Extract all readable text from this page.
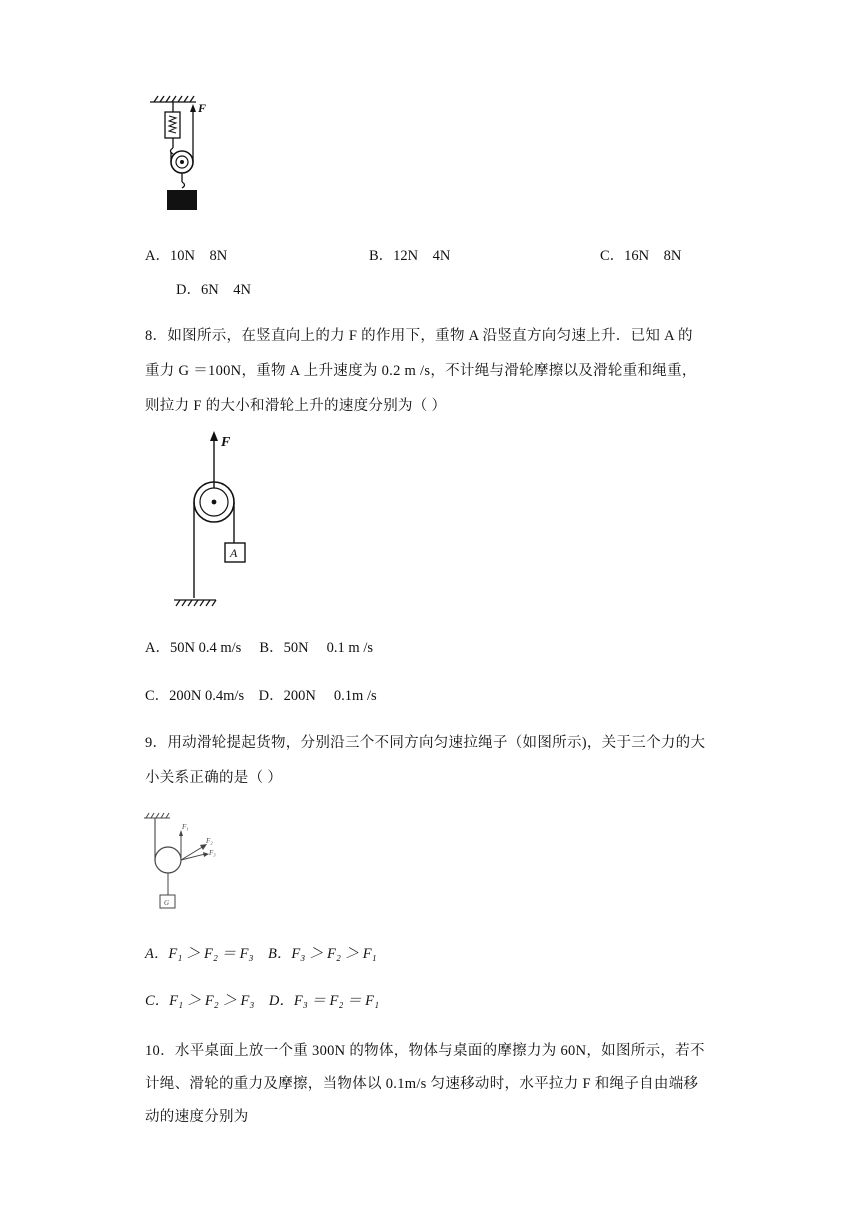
F
A．10N　8N	B．12N　4N	C．16N　8N
D．6N　4N
8．如图所示，在竖直向上的力 F 的作用下，重物 A 沿竖直方向匀速上升．已知 A 的
重力 G ＝100N，重物 A 上升速度为 0.2 m /s，不计绳与滑轮摩擦以及滑轮重和绳重，
则拉力 F 的大小和滑轮上升的速度分别为（ ）
F
A
A．50N 0.4 m/s　 B．50N　 0.1 m /s
C．200N 0.4m/s　D．200N　 0.1m /s
9．用动滑轮提起货物，分别沿三个不同方向匀速拉绳子（如图所示)，关于三个力的大
小关系正确的是（ ）
F₁
F₂
F₃
G
A．F₁ ＞ F₂ ＝ F₃　B．F₃ ＞ F₂ ＞ F₁
C．F₁ ＞ F₂ ＞ F₃　D．F₃ ＝ F₂ ＝ F₁
10．水平桌面上放一个重 300N 的物体，物体与桌面的摩擦力为 60N，如图所示，若不
计绳、滑轮的重力及摩擦，当物体以 0.1m/s 匀速移动时，水平拉力 F 和绳子自由端移
动的速度分别为
